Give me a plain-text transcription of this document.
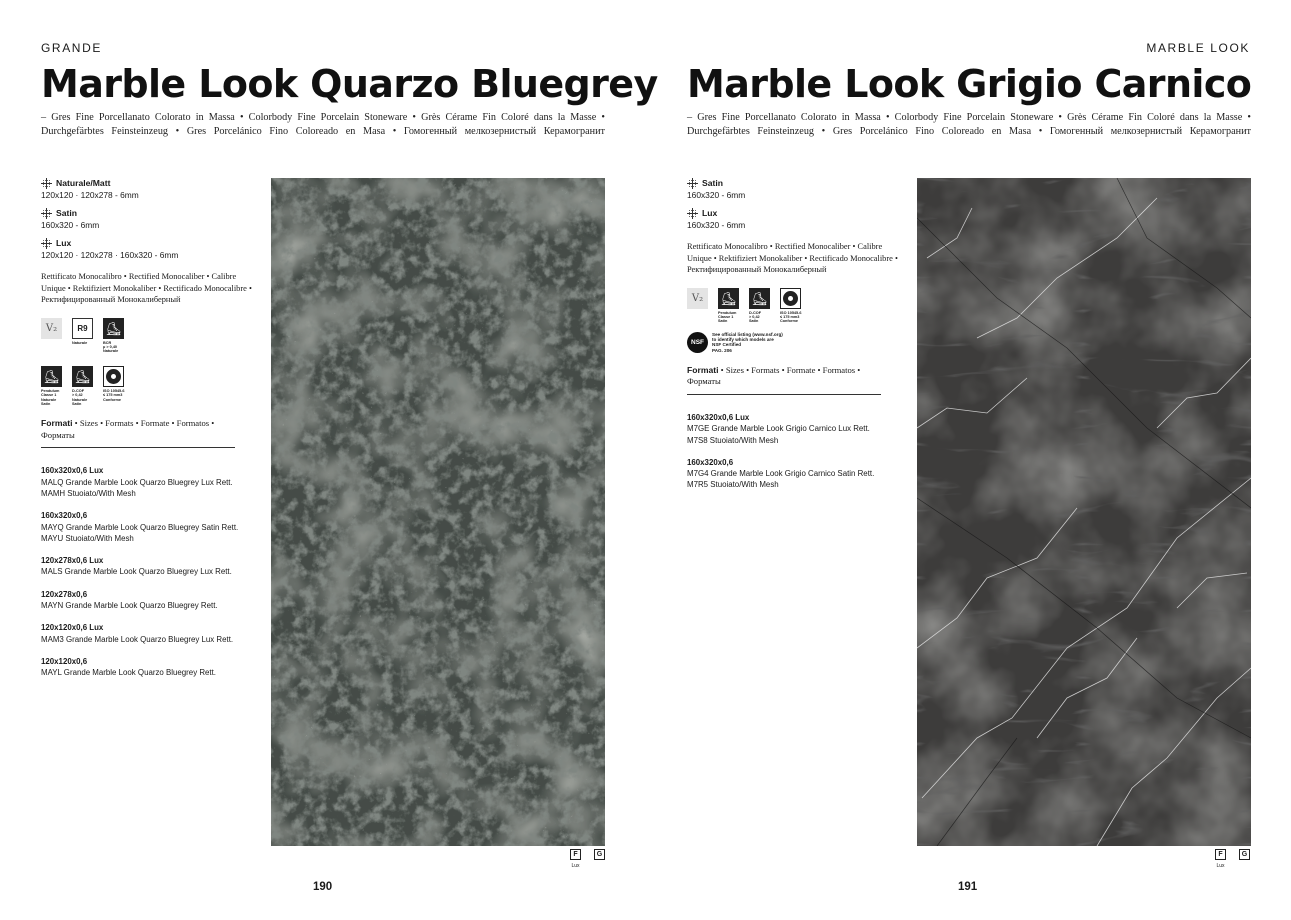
GRANDE
Marble Look Quarzo Bluegrey

– Gres Fine Porcellanato Colorato in Massa • Colorbody Fine Porcelain Stoneware • Grès Cérame Fin Coloré dans la Masse • Durchgefärbtes Feinsteinzeug • Gres Porcelánico Fino Coloreado en Masa • Гомогенный мелкозернистый Керамогранит

Naturale/Matt
120x120 · 120x278 - 6mm
Satin
160x320 - 6mm
Lux
120x120 · 120x278 · 160x320 - 6mm

Rettificato Monocalibro • Rectified Monocaliber • Calibre Unique • Rektifiziert Monokaliber • Rectificado Monocalibre • Ректифицированный Монокалиберный

V₂	R9
Naturale
⛸
BCR
μ > 0,40
Naturale
⛸
Pendulum
Classe 1
Naturale
Satin
⛸
D-COF
> 0,42
Naturale
Satin
ISO 10545-6
≤ 175 mm3
Conforme

Formati • Sizes • Formats • Formate • Formatos • Форматы

160x320x0,6 Lux
MALQ Grande Marble Look Quarzo Bluegrey Lux Rett.
MAMH Stuoiato/With Mesh
160x320x0,6
MAYQ Grande Marble Look Quarzo Bluegrey Satin Rett.
MAYU Stuoiato/With Mesh
120x278x0,6 Lux
MALS Grande Marble Look Quarzo Bluegrey Lux Rett.
120x278x0,6
MAYN Grande Marble Look Quarzo Bluegrey Rett.
120x120x0,6 Lux
MAM3 Grande Marble Look Quarzo Bluegrey Lux Rett.
120x120x0,6
MAYL Grande Marble Look Quarzo Bluegrey Rett.
F
Lux
G
190
MARBLE LOOK
Marble Look Grigio Carnico

– Gres Fine Porcellanato Colorato in Massa • Colorbody Fine Porcelain Stoneware • Grès Cérame Fin Coloré dans la Masse • Durchgefärbtes Feinsteinzeug • Gres Porcelánico Fino Coloreado en Masa • Гомогенный мелкозернистый Керамогранит

Satin
160x320 - 6mm
Lux
160x320 - 6mm

Rettificato Monocalibro • Rectified Monocaliber • Calibre Unique • Rektifiziert Monokaliber • Rectificado Monocalibre • Ректифицированный Монокалиберный

V₂	⛸
Pendulum
Classe 1
Satin
⛸
D-COF
> 0,42
Satin
ISO 10545-6
≤ 175 mm3
Conforme
NSF
See official listing (www.nsf.org)
to identify which models are
NSF Certified
PAG. 206

Formati • Sizes • Formats • Formate • Formatos • Форматы

160x320x0,6 Lux
M7GE Grande Marble Look Grigio Carnico Lux Rett.
M7S8 Stuoiato/With Mesh
160x320x0,6
M7G4 Grande Marble Look Grigio Carnico Satin Rett.
M7R5 Stuoiato/With Mesh
F
Lux
G
191
